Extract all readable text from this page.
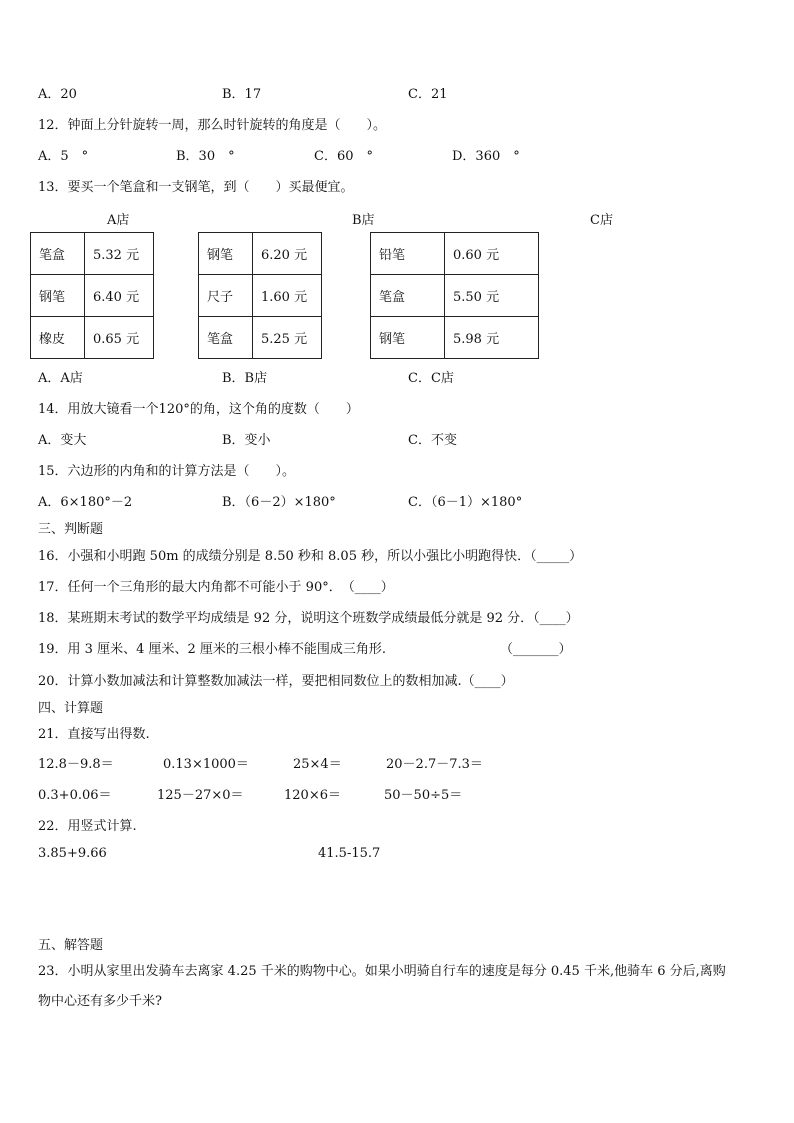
A．20	B．17	C．21
12．钟面上分针旋转一周，那么时针旋转的角度是（　　）。
A．5　°	B．30　°	C．60　°	D．360　°
13．要买一个笔盒和一支钢笔，到（　　）买最便宜。
A店	B店	C店
笔盒	5.32 元
钢笔	6.40 元
橡皮	0.65 元
钢笔	6.20 元
尺子	1.60 元
笔盒	5.25 元
铅笔	0.60 元
笔盒	5.50 元
钢笔	5.98 元
A．A店	B．B店	C．C店
14．用放大镜看一个120°的角，这个角的度数（　　）
A．变大	B．变小	C．不变
15．六边形的内角和的计算方法是（　　）。
A．6×180°－2	B．（6－2）×180°	C．（6－1）×180°
三、判断题
16．小强和小明跑 50m 的成绩分别是 8.50 秒和 8.05 秒，所以小强比小明跑得快．（_____）
17．任何一个三角形的最大内角都不可能小于 90°．　（____）
18．某班期末考试的数学平均成绩是 92 分，说明这个班数学成绩最低分就是 92 分．（____）
19．用 3 厘米、4 厘米、2 厘米的三根小棒不能围成三角形.	（_______）
20．计算小数加减法和计算整数加减法一样，要把相同数位上的数相加减.（____）
四、计算题
21．直接写出得数.
12.8－9.8＝	0.13×1000＝	25×4＝	20－2.7－7.3＝
0.3+0.06＝	125－27×0＝	120×6＝	50－50÷5＝
22．用竖式计算.
3.85+9.66	41.5-15.7
五、解答题
23．小明从家里出发骑车去离家 4.25 千米的购物中心。如果小明骑自行车的速度是每分 0.45 千米,他骑车 6 分后,离购
物中心还有多少千米?
